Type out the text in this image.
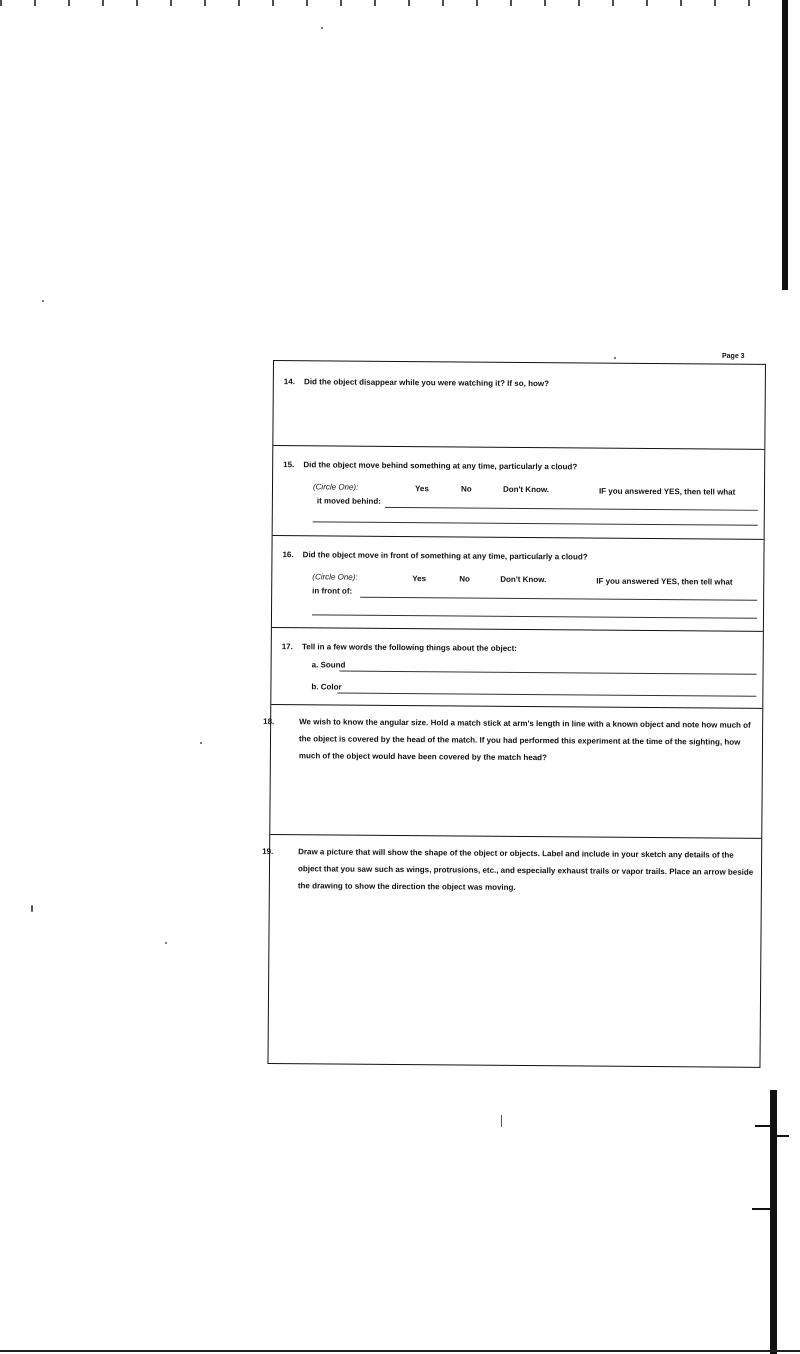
Page 3
14. Did the object disappear while you were watching it? If so, how?
15. Did the object move behind something at any time, particularly a cloud?
(Circle One):	Yes	No	Don't Know.	IF you answered YES, then tell what
it moved behind:
16. Did the object move in front of something at any time, particularly a cloud?
(Circle One):	Yes	No	Don't Know.	IF you answered YES, then tell what
in front of:
17. Tell in a few words the following things about the object:
a. Sound
b. Color
18.	We wish to know the angular size. Hold a match stick at arm's length in line with a known object and note how much of the object is covered by the head of the match. If you had performed this experiment at the time of the sighting, how much of the object would have been covered by the match head?
19.	Draw a picture that will show the shape of the object or objects. Label and include in your sketch any details of the object that you saw such as wings, protrusions, etc., and especially exhaust trails or vapor trails. Place an arrow beside the drawing to show the direction the object was moving.
